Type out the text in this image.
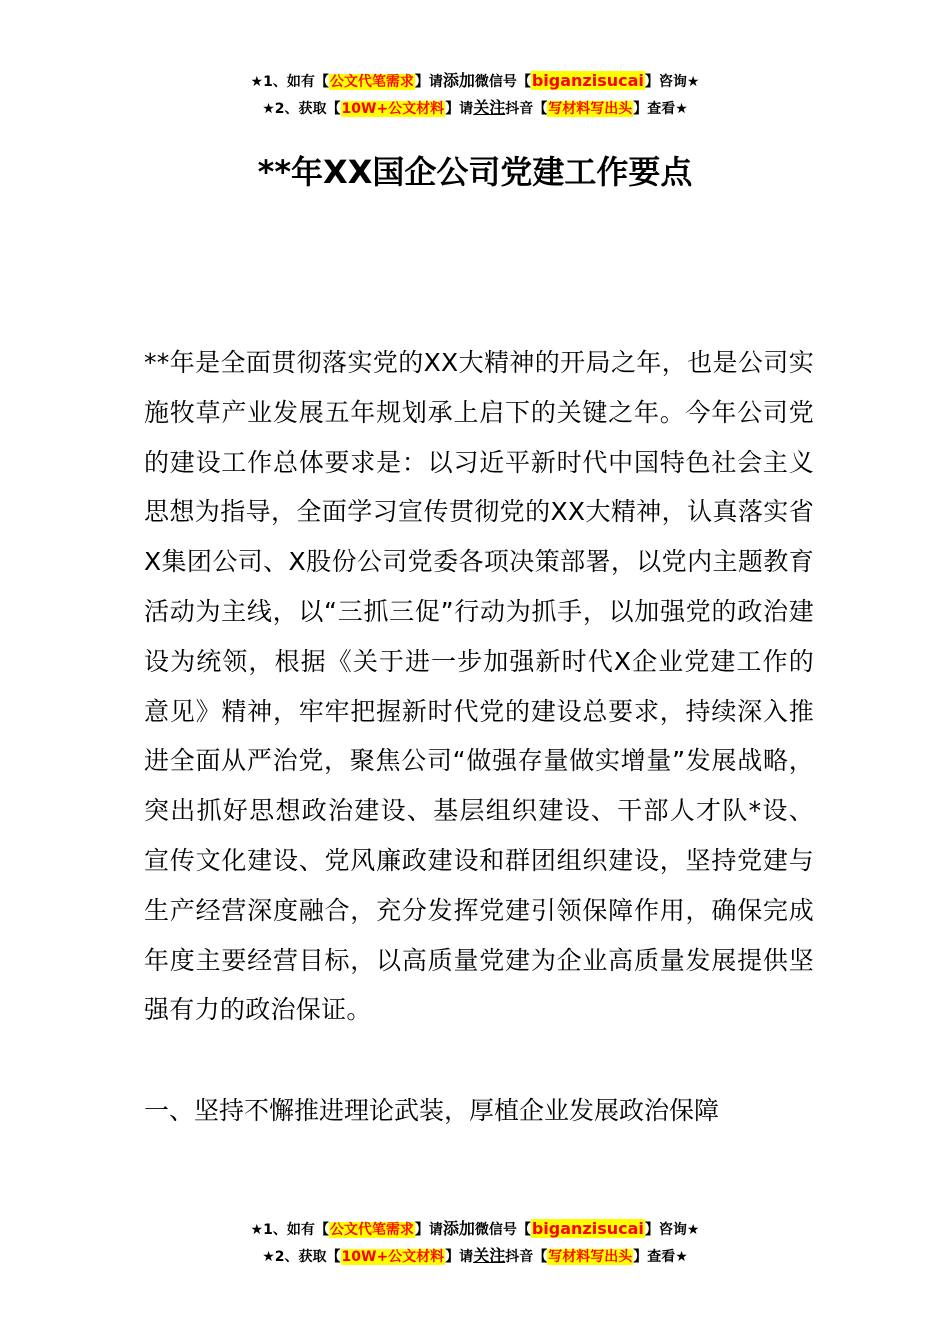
★1、如有【公文代笔需求】请添加微信号【biganzisucai】咨询★
★2、获取【10W+公文材料】请关注抖音【写材料写出头】查看★
**年XX国企公司党建工作要点

**年是全面贯彻落实党的XX大精神的开局之年，也是公司实施牧草产业发展五年规划承上启下的关键之年。今年公司党的建设工作总体要求是：以习近平新时代中国特色社会主义思想为指导，全面学习宣传贯彻党的XX大精神，认真落实省X集团公司、X股份公司党委各项决策部署，以党内主题教育活动为主线，以“三抓三促”行动为抓手，以加强党的政治建设为统领，根据《关于进一步加强新时代X企业党建工作的意见》精神，牢牢把握新时代党的建设总要求，持续深入推进全面从严治党，聚焦公司“做强存量做实增量”发展战略，突出抓好思想政治建设、基层组织建设、干部人才队*设、宣传文化建设、党风廉政建设和群团组织建设，坚持党建与生产经营深度融合，充分发挥党建引领保障作用，确保完成年度主要经营目标，以高质量党建为企业高质量发展提供坚强有力的政治保证。

一、坚持不懈推进理论武装，厚植企业发展政治保障
★1、如有【公文代笔需求】请添加微信号【biganzisucai】咨询★
★2、获取【10W+公文材料】请关注抖音【写材料写出头】查看★
